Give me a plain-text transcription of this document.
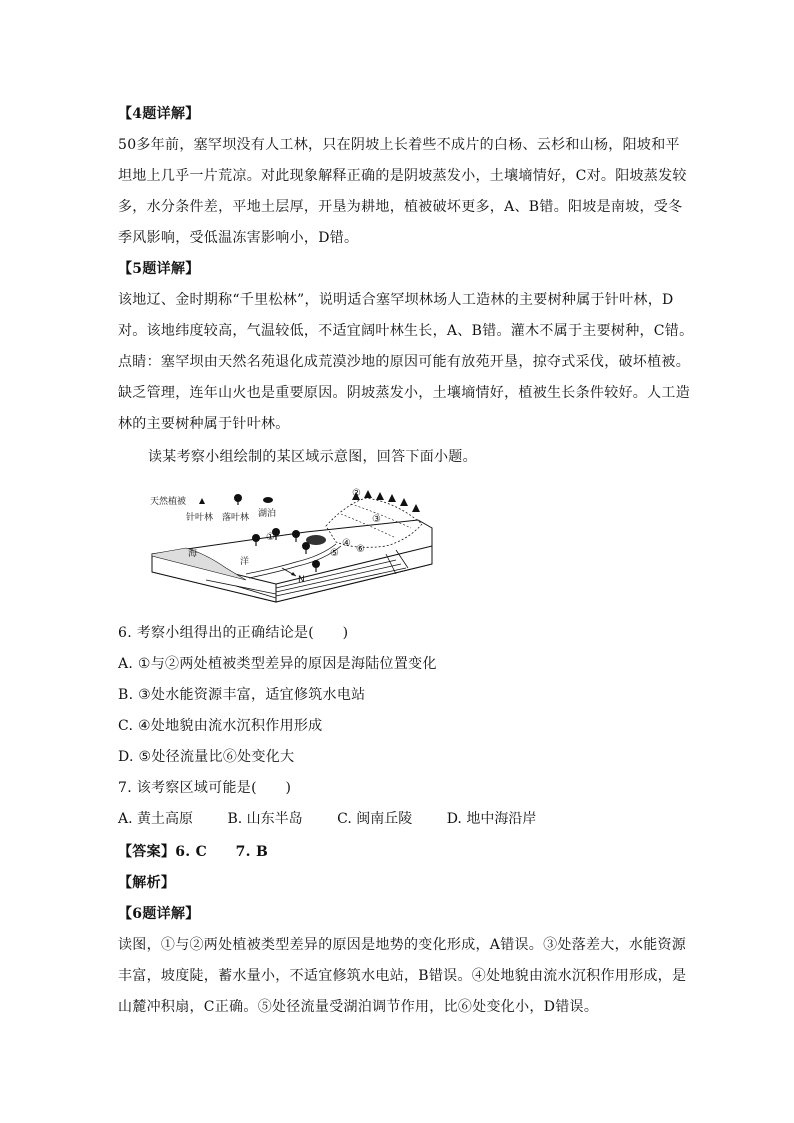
【4题详解】
50多年前，塞罕坝没有人工林，只在阴坡上长着些不成片的白杨、云杉和山杨，阳坡和平
坦地上几乎一片荒凉。对此现象解释正确的是阴坡蒸发小，土壤墒情好，C对。阳坡蒸发较
多，水分条件差，平地土层厚，开垦为耕地，植被破坏更多，A、B错。阳坡是南坡，受冬
季风影响，受低温冻害影响小，D错。
【5题详解】
该地辽、金时期称“千里松林”，说明适合塞罕坝林场人工造林的主要树种属于针叶林，D
对。该地纬度较高，气温较低，不适宜阔叶林生长，A、B错。灌木不属于主要树种，C错。
点睛：塞罕坝由天然名苑退化成荒漠沙地的原因可能有放苑开垦，掠夺式采伐，破坏植被。
缺乏管理，连年山火也是重要原因。阴坡蒸发小，土壤墒情好，植被生长条件较好。人工造
林的主要树种属于针叶林。
读某考察小组绘制的某区域示意图，回答下面小题。
天然植被
针叶林 落叶林 湖泊
海
洋
N
①
②
③
④
⑤ ⑥
6. 考察小组得出的正确结论是(　　)
A. ①与②两处植被类型差异的原因是海陆位置变化
B. ③处水能资源丰富，适宜修筑水电站
C. ④处地貌由流水沉积作用形成
D. ⑤处径流量比⑥处变化大
7. 该考察区域可能是(　　)
A. 黄土高原 B. 山东半岛 C. 闽南丘陵 D. 地中海沿岸
【答案】6. C　　7. B
【解析】
【6题详解】
读图，①与②两处植被类型差异的原因是地势的变化形成，A错误。③处落差大，水能资源
丰富，坡度陡，蓄水量小，不适宜修筑水电站，B错误。④处地貌由流水沉积作用形成，是
山麓冲积扇，C正确。⑤处径流量受湖泊调节作用，比⑥处变化小，D错误。
